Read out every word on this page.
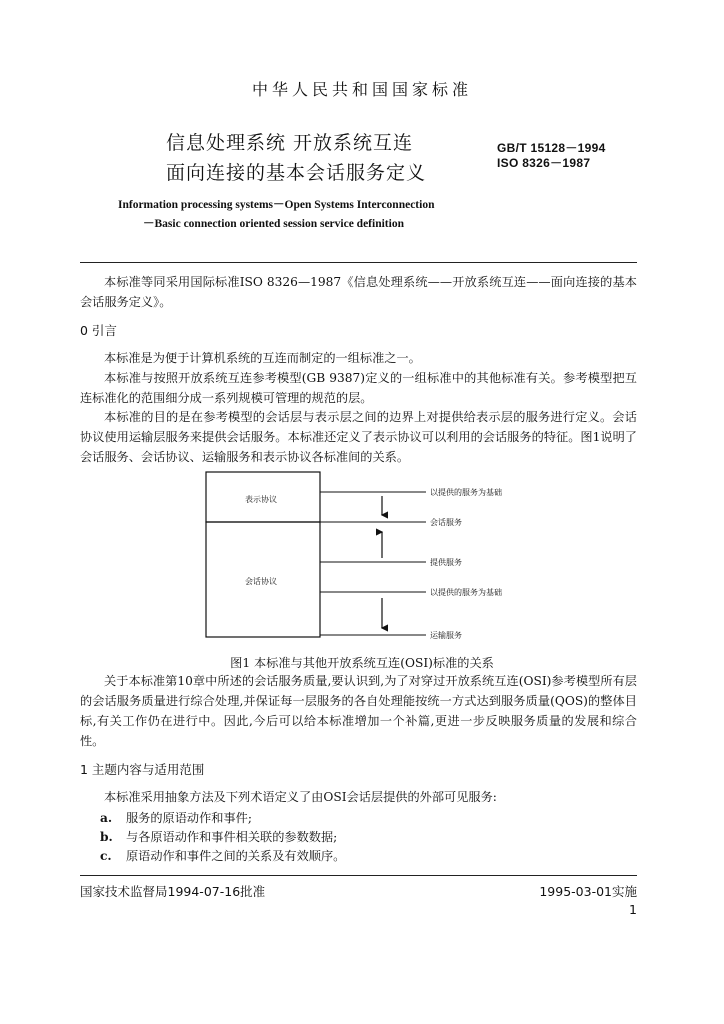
中华人民共和国国家标准
信息处理系统 开放系统互连
面向连接的基本会话服务定义
GB/T 15128－1994
ISO 8326－1987
Information processing systems－Open Systems Interconnection
－Basic connection oriented session service definition
本标准等同采用国际标准ISO 8326—1987《信息处理系统——开放系统互连——面向连接的基本会话服务定义》。
0 引言
本标准是为便于计算机系统的互连而制定的一组标准之一。
本标准与按照开放系统互连参考模型(GB 9387)定义的一组标准中的其他标准有关。参考模型把互连标准化的范围细分成一系列规模可管理的规范的层。
本标准的目的是在参考模型的会话层与表示层之间的边界上对提供给表示层的服务进行定义。会话协议使用运输层服务来提供会话服务。本标准还定义了表示协议可以利用的会话服务的特征。图1说明了会话服务、会话协议、运输服务和表示协议各标准间的关系。
表示协议
会话协议
以提供的服务为基础
会话服务
提供服务
以提供的服务为基础
运输服务
图1 本标准与其他开放系统互连(OSI)标准的关系
关于本标准第10章中所述的会话服务质量,要认识到,为了对穿过开放系统互连(OSI)参考模型所有层的会话服务质量进行综合处理,并保证每一层服务的各自处理能按统一方式达到服务质量(QOS)的整体目标,有关工作仍在进行中。因此,今后可以给本标准增加一个补篇,更进一步反映服务质量的发展和综合性。
1 主题内容与适用范围
本标准采用抽象方法及下列术语定义了由OSI会话层提供的外部可见服务:
a. 服务的原语动作和事件;
b. 与各原语动作和事件相关联的参数数据;
c. 原语动作和事件之间的关系及有效顺序。
国家技术监督局1994-07-16批准	1995-03-01实施
1
